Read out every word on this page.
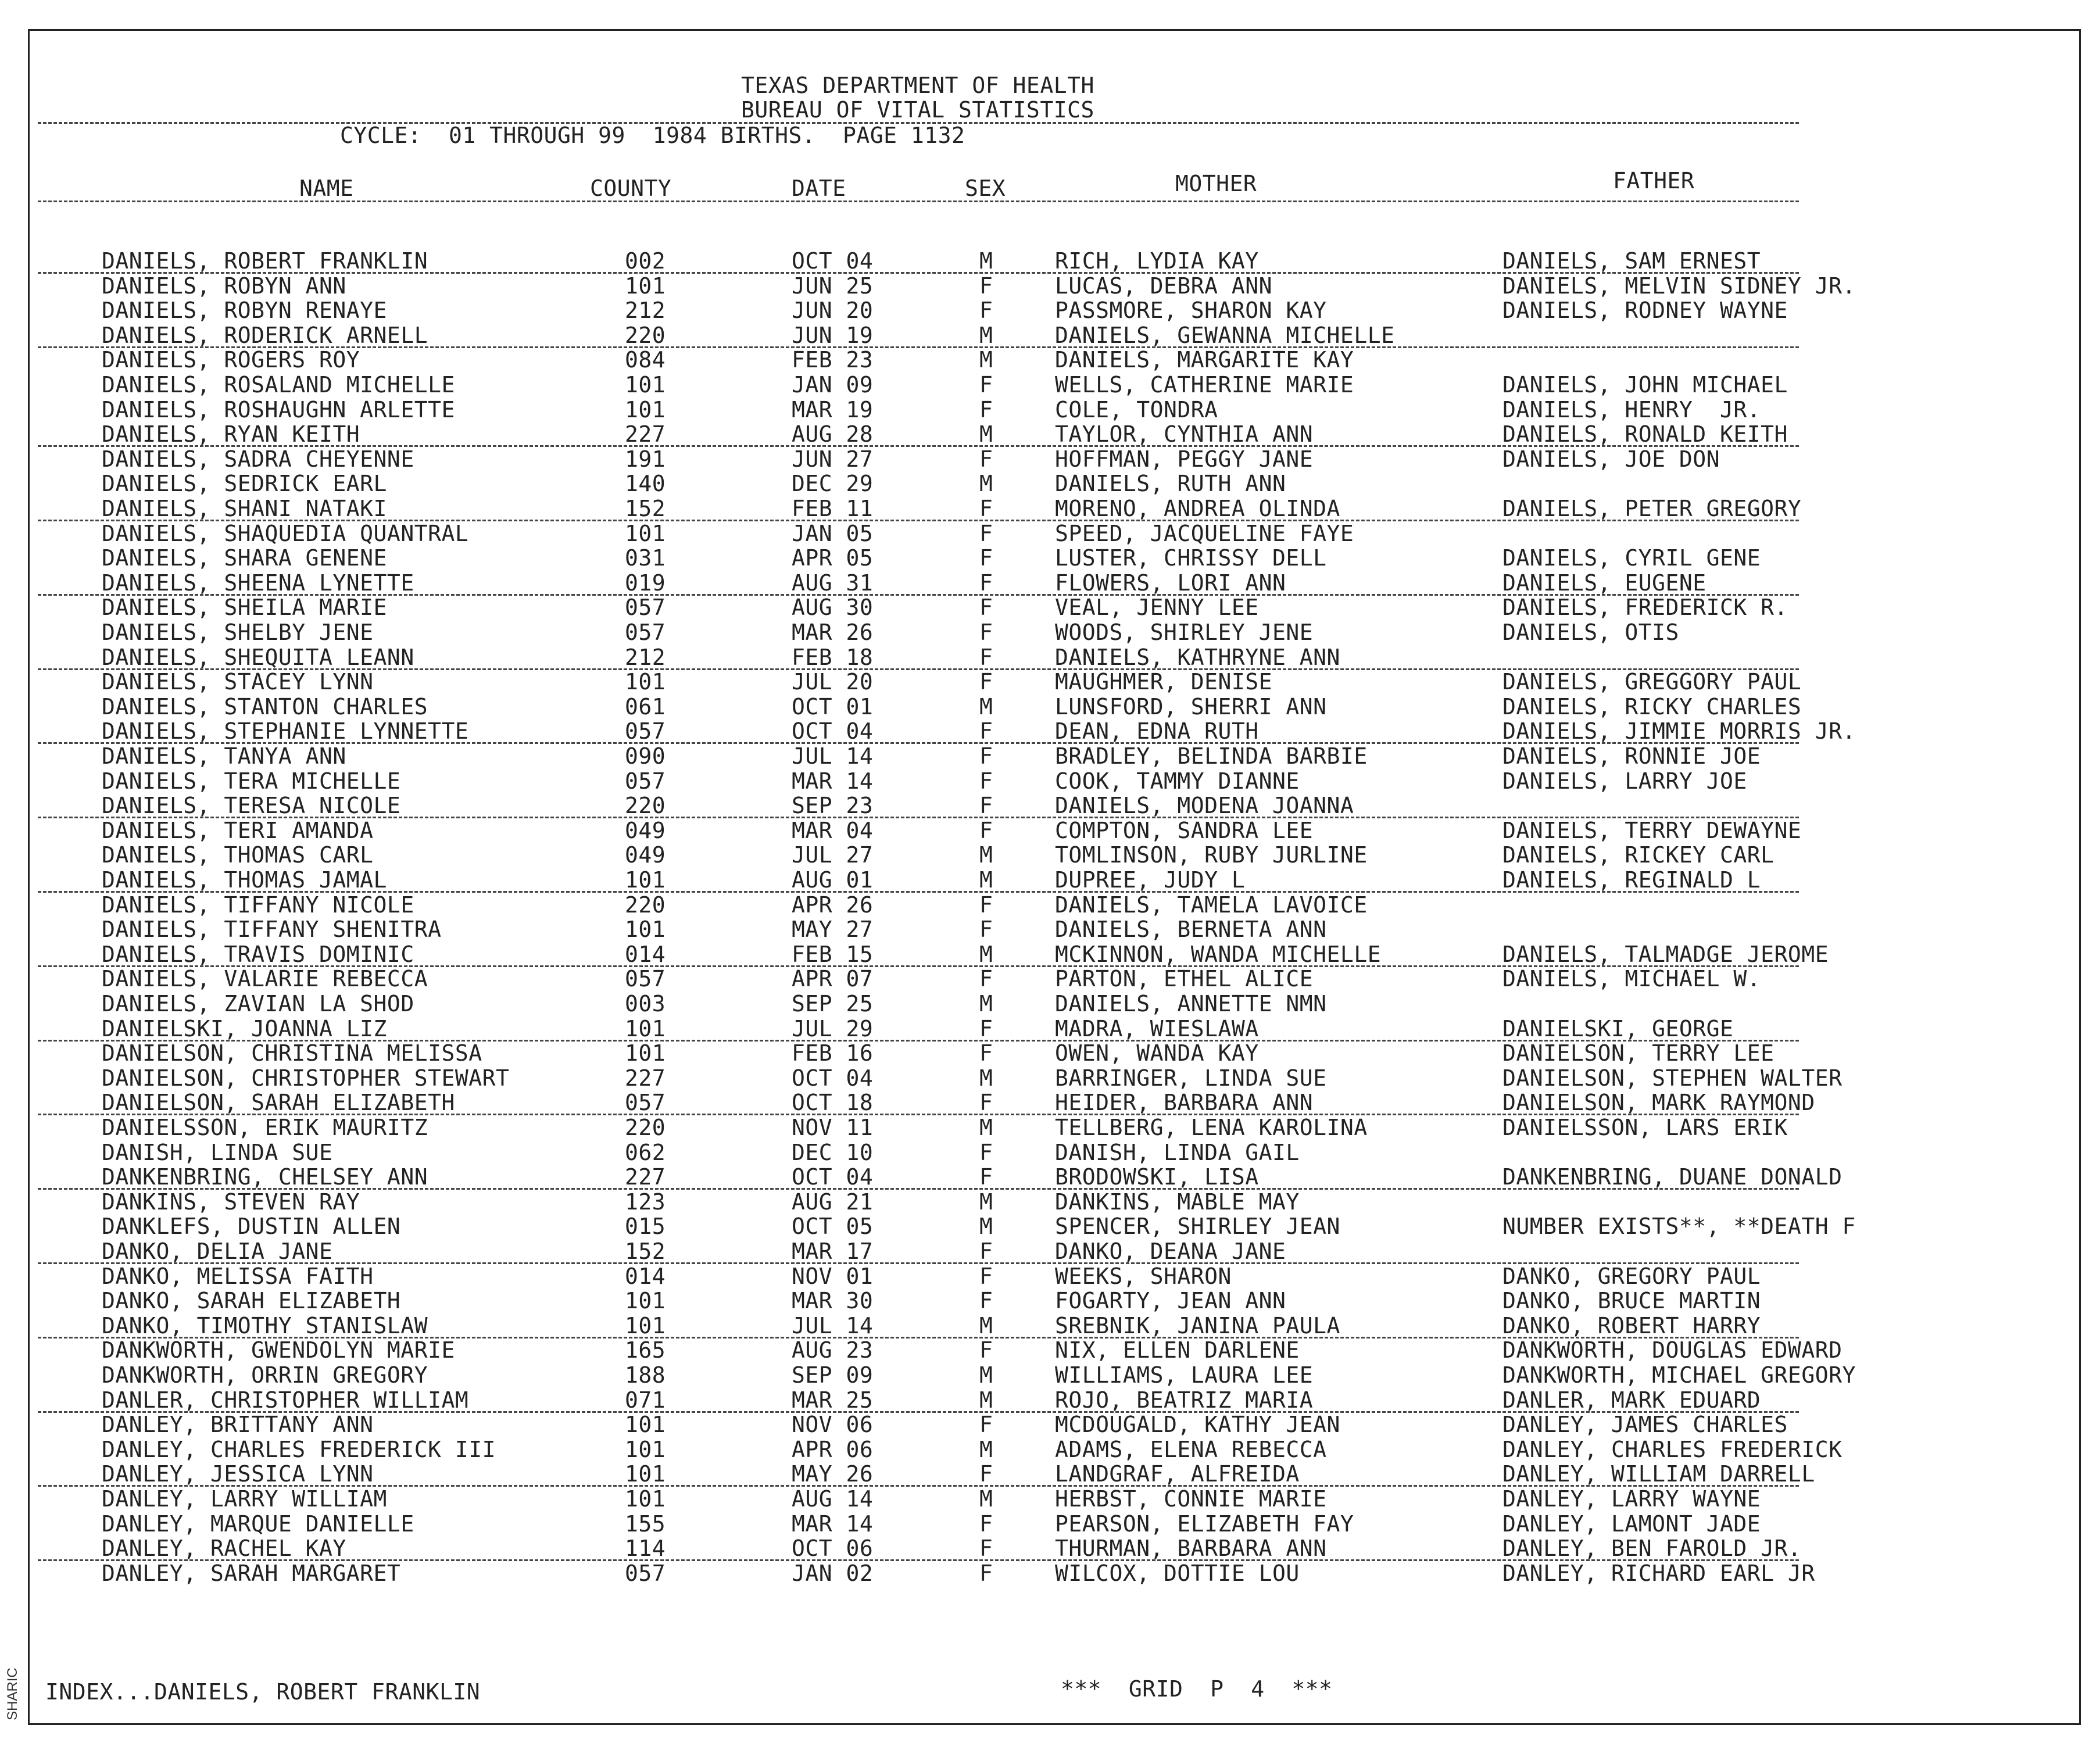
TEXAS DEPARTMENT OF HEALTH
BUREAU OF VITAL STATISTICS
CYCLE:  01 THROUGH 99  1984 BIRTHS.  PAGE 1132
NAME	COUNTY	DATE	SEX	MOTHER	FATHER
DANIELS, ROBERT FRANKLIN	002	OCT 04	M	RICH, LYDIA KAY	DANIELS, SAM ERNEST
DANIELS, ROBYN ANN	101	JUN 25	F	LUCAS, DEBRA ANN	DANIELS, MELVIN SIDNEY JR.
DANIELS, ROBYN RENAYE	212	JUN 20	F	PASSMORE, SHARON KAY	DANIELS, RODNEY WAYNE
DANIELS, RODERICK ARNELL	220	JUN 19	M	DANIELS, GEWANNA MICHELLE
DANIELS, ROGERS ROY	084	FEB 23	M	DANIELS, MARGARITE KAY
DANIELS, ROSALAND MICHELLE	101	JAN 09	F	WELLS, CATHERINE MARIE	DANIELS, JOHN MICHAEL
DANIELS, ROSHAUGHN ARLETTE	101	MAR 19	F	COLE, TONDRA	DANIELS, HENRY  JR.
DANIELS, RYAN KEITH	227	AUG 28	M	TAYLOR, CYNTHIA ANN	DANIELS, RONALD KEITH
DANIELS, SADRA CHEYENNE	191	JUN 27	F	HOFFMAN, PEGGY JANE	DANIELS, JOE DON
DANIELS, SEDRICK EARL	140	DEC 29	M	DANIELS, RUTH ANN
DANIELS, SHANI NATAKI	152	FEB 11	F	MORENO, ANDREA OLINDA	DANIELS, PETER GREGORY
DANIELS, SHAQUEDIA QUANTRAL	101	JAN 05	F	SPEED, JACQUELINE FAYE
DANIELS, SHARA GENENE	031	APR 05	F	LUSTER, CHRISSY DELL	DANIELS, CYRIL GENE
DANIELS, SHEENA LYNETTE	019	AUG 31	F	FLOWERS, LORI ANN	DANIELS, EUGENE
DANIELS, SHEILA MARIE	057	AUG 30	F	VEAL, JENNY LEE	DANIELS, FREDERICK R.
DANIELS, SHELBY JENE	057	MAR 26	F	WOODS, SHIRLEY JENE	DANIELS, OTIS
DANIELS, SHEQUITA LEANN	212	FEB 18	F	DANIELS, KATHRYNE ANN
DANIELS, STACEY LYNN	101	JUL 20	F	MAUGHMER, DENISE	DANIELS, GREGGORY PAUL
DANIELS, STANTON CHARLES	061	OCT 01	M	LUNSFORD, SHERRI ANN	DANIELS, RICKY CHARLES
DANIELS, STEPHANIE LYNNETTE	057	OCT 04	F	DEAN, EDNA RUTH	DANIELS, JIMMIE MORRIS JR.
DANIELS, TANYA ANN	090	JUL 14	F	BRADLEY, BELINDA BARBIE	DANIELS, RONNIE JOE
DANIELS, TERA MICHELLE	057	MAR 14	F	COOK, TAMMY DIANNE	DANIELS, LARRY JOE
DANIELS, TERESA NICOLE	220	SEP 23	F	DANIELS, MODENA JOANNA
DANIELS, TERI AMANDA	049	MAR 04	F	COMPTON, SANDRA LEE	DANIELS, TERRY DEWAYNE
DANIELS, THOMAS CARL	049	JUL 27	M	TOMLINSON, RUBY JURLINE	DANIELS, RICKEY CARL
DANIELS, THOMAS JAMAL	101	AUG 01	M	DUPREE, JUDY L	DANIELS, REGINALD L
DANIELS, TIFFANY NICOLE	220	APR 26	F	DANIELS, TAMELA LAVOICE
DANIELS, TIFFANY SHENITRA	101	MAY 27	F	DANIELS, BERNETA ANN
DANIELS, TRAVIS DOMINIC	014	FEB 15	M	MCKINNON, WANDA MICHELLE	DANIELS, TALMADGE JEROME
DANIELS, VALARIE REBECCA	057	APR 07	F	PARTON, ETHEL ALICE	DANIELS, MICHAEL W.
DANIELS, ZAVIAN LA SHOD	003	SEP 25	M	DANIELS, ANNETTE NMN
DANIELSKI, JOANNA LIZ	101	JUL 29	F	MADRA, WIESLAWA	DANIELSKI, GEORGE
DANIELSON, CHRISTINA MELISSA	101	FEB 16	F	OWEN, WANDA KAY	DANIELSON, TERRY LEE
DANIELSON, CHRISTOPHER STEWART	227	OCT 04	M	BARRINGER, LINDA SUE	DANIELSON, STEPHEN WALTER
DANIELSON, SARAH ELIZABETH	057	OCT 18	F	HEIDER, BARBARA ANN	DANIELSON, MARK RAYMOND
DANIELSSON, ERIK MAURITZ	220	NOV 11	M	TELLBERG, LENA KAROLINA	DANIELSSON, LARS ERIK
DANISH, LINDA SUE	062	DEC 10	F	DANISH, LINDA GAIL
DANKENBRING, CHELSEY ANN	227	OCT 04	F	BRODOWSKI, LISA	DANKENBRING, DUANE DONALD
DANKINS, STEVEN RAY	123	AUG 21	M	DANKINS, MABLE MAY
DANKLEFS, DUSTIN ALLEN	015	OCT 05	M	SPENCER, SHIRLEY JEAN	NUMBER EXISTS**, **DEATH F
DANKO, DELIA JANE	152	MAR 17	F	DANKO, DEANA JANE
DANKO, MELISSA FAITH	014	NOV 01	F	WEEKS, SHARON	DANKO, GREGORY PAUL
DANKO, SARAH ELIZABETH	101	MAR 30	F	FOGARTY, JEAN ANN	DANKO, BRUCE MARTIN
DANKO, TIMOTHY STANISLAW	101	JUL 14	M	SREBNIK, JANINA PAULA	DANKO, ROBERT HARRY
DANKWORTH, GWENDOLYN MARIE	165	AUG 23	F	NIX, ELLEN DARLENE	DANKWORTH, DOUGLAS EDWARD
DANKWORTH, ORRIN GREGORY	188	SEP 09	M	WILLIAMS, LAURA LEE	DANKWORTH, MICHAEL GREGORY
DANLER, CHRISTOPHER WILLIAM	071	MAR 25	M	ROJO, BEATRIZ MARIA	DANLER, MARK EDUARD
DANLEY, BRITTANY ANN	101	NOV 06	F	MCDOUGALD, KATHY JEAN	DANLEY, JAMES CHARLES
DANLEY, CHARLES FREDERICK III	101	APR 06	M	ADAMS, ELENA REBECCA	DANLEY, CHARLES FREDERICK
DANLEY, JESSICA LYNN	101	MAY 26	F	LANDGRAF, ALFREIDA	DANLEY, WILLIAM DARRELL
DANLEY, LARRY WILLIAM	101	AUG 14	M	HERBST, CONNIE MARIE	DANLEY, LARRY WAYNE
DANLEY, MARQUE DANIELLE	155	MAR 14	F	PEARSON, ELIZABETH FAY	DANLEY, LAMONT JADE
DANLEY, RACHEL KAY	114	OCT 06	F	THURMAN, BARBARA ANN	DANLEY, BEN FAROLD JR.
DANLEY, SARAH MARGARET	057	JAN 02	F	WILCOX, DOTTIE LOU	DANLEY, RICHARD EARL JR
INDEX...DANIELS, ROBERT FRANKLIN	***  GRID  P  4  ***
SHARIC
